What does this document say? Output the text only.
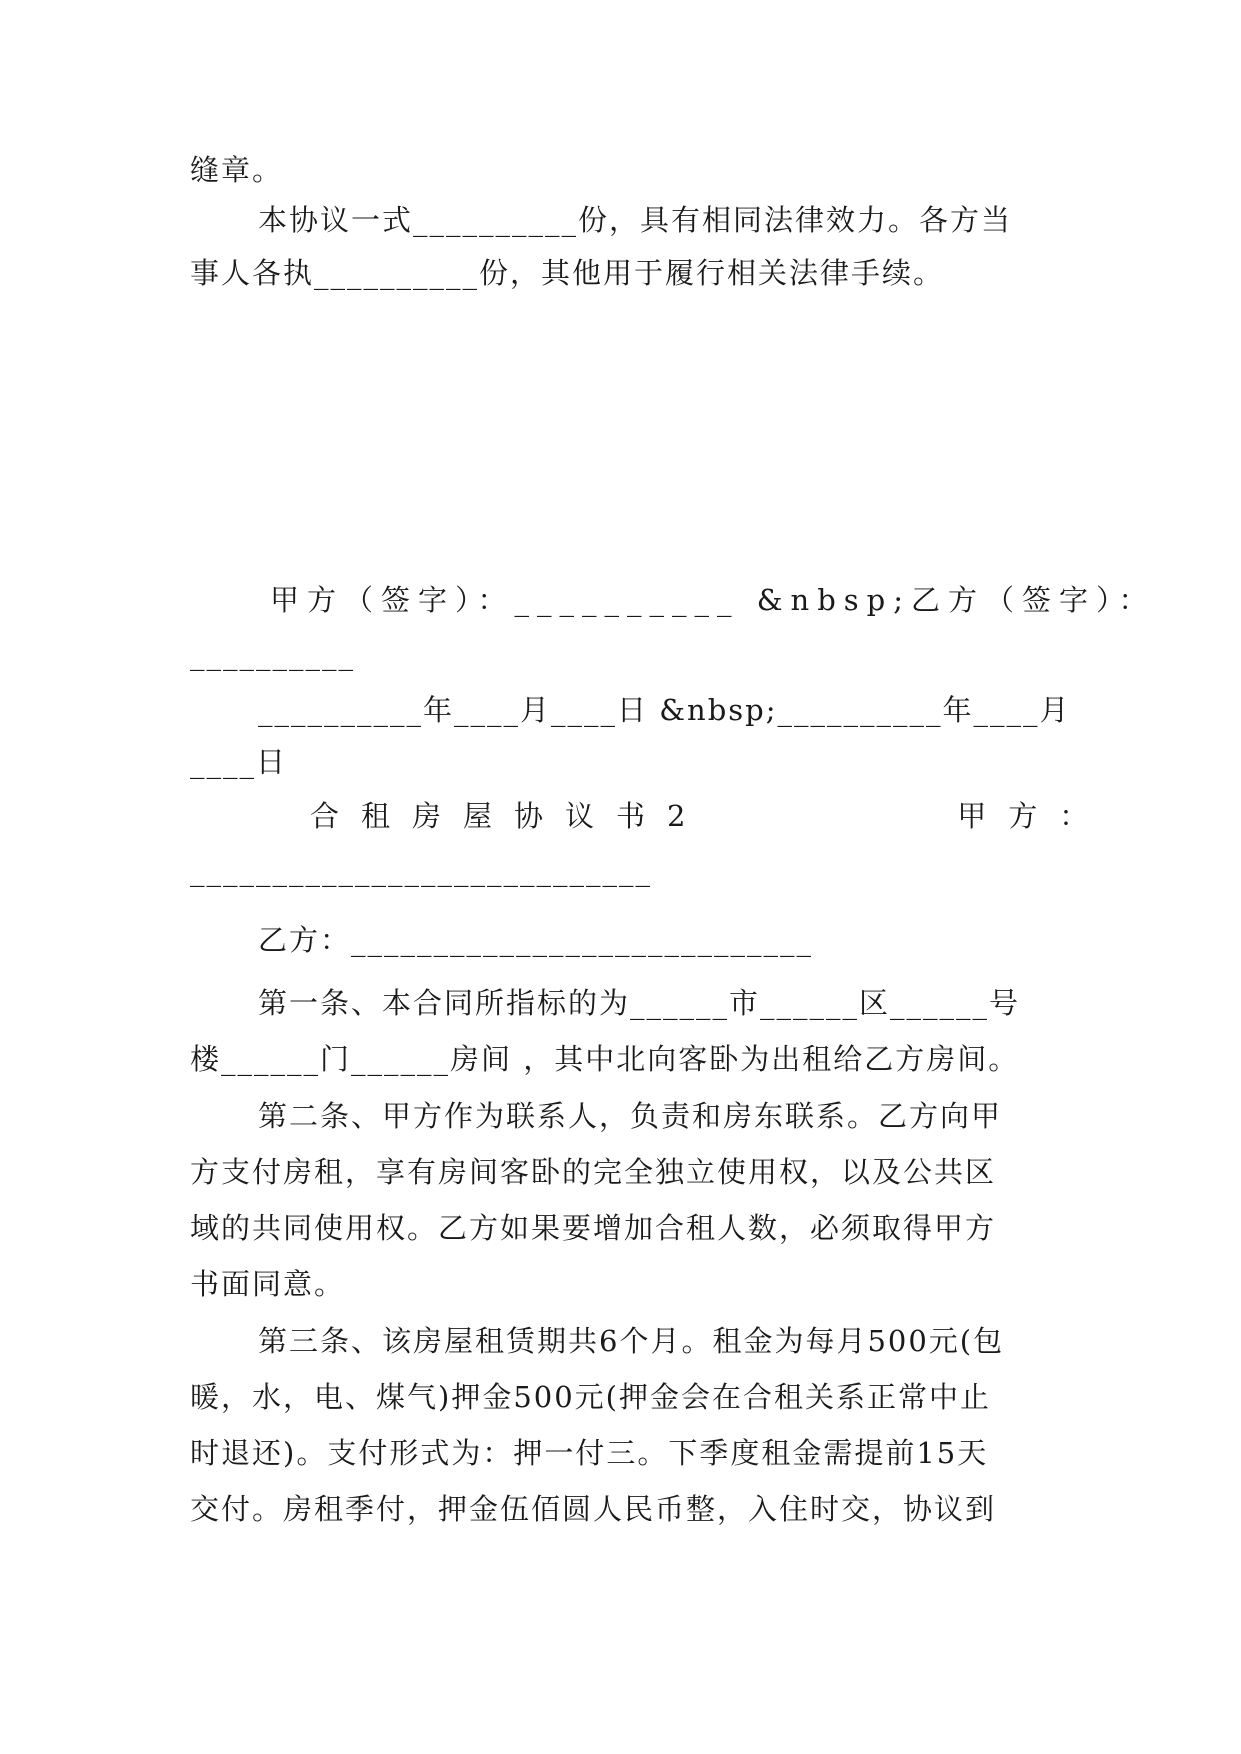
缝章。
本协议一式__________份，具有相同法律效力。各方当
事人各执__________份，其他用于履行相关法律手续。
甲方（签字）：__________ &nbsp;乙方（签字）：
__________
__________年____月____日 &nbsp;__________年____月
____日
合租房屋协议书2        甲方：
____________________________
乙方：____________________________
第一条、本合同所指标的为______市______区______号
楼______门______房间 ，其中北向客卧为出租给乙方房间。
第二条、甲方作为联系人，负责和房东联系。乙方向甲
方支付房租，享有房间客卧的完全独立使用权，以及公共区
域的共同使用权。乙方如果要增加合租人数，必须取得甲方
书面同意。
第三条、该房屋租赁期共6个月。租金为每月500元(包
暖，水，电、煤气)押金500元(押金会在合租关系正常中止
时退还)。支付形式为：押一付三。下季度租金需提前15天
交付。房租季付，押金伍佰圆人民币整，入住时交，协议到
